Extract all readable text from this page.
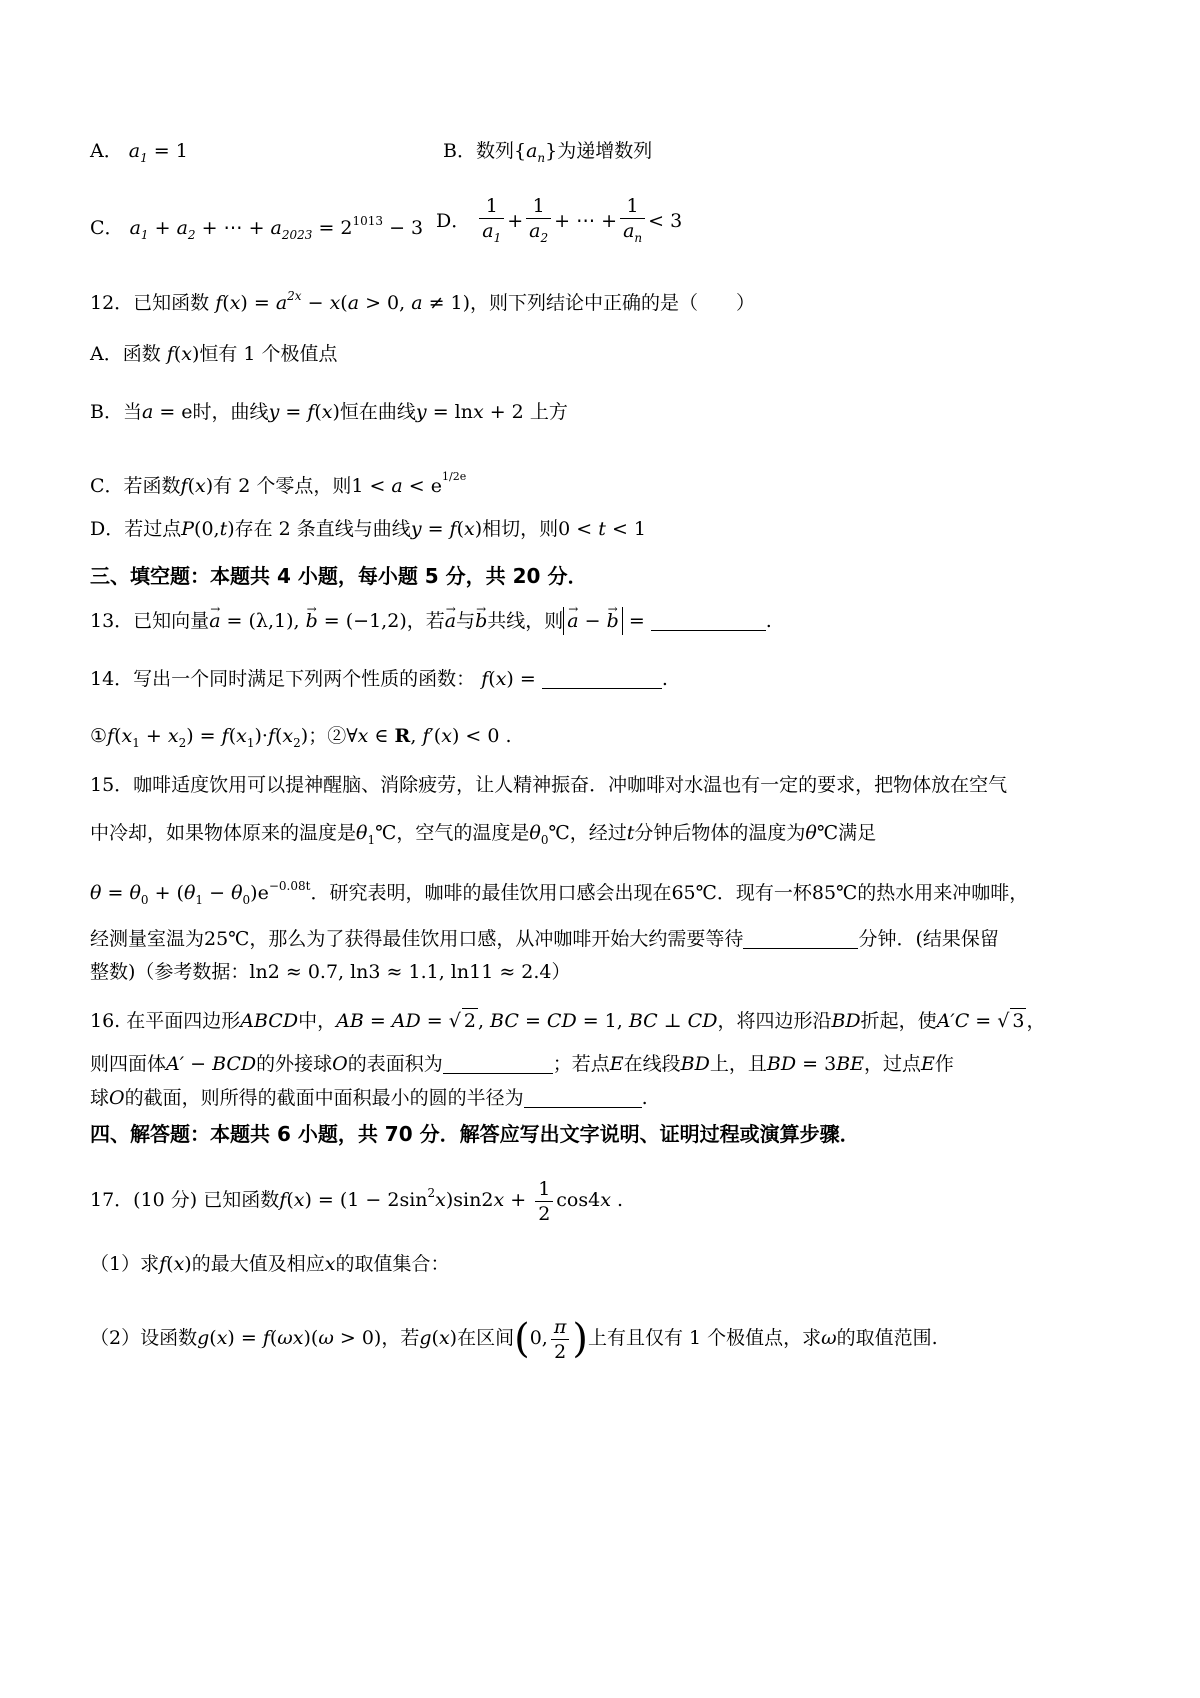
A． $a_1 = 1$	B．数列$\{a_n\}$为递增数列
C． $a_1 + a_2$ + ⋯ + $a_{2023} = 2^{1013} - 3$ D． $\frac{1}{a_1} + \frac{1}{a_2}$ + ⋯ + $\frac{1}{a_n} < 3$
12．已知函数 $f(x) = a^{2x} - x(a > 0$, a ≠ 1)，则下列结论中正确的是（　　）
A．函数 f(x)恒有 1 个极值点
B．当a = e时，曲线y = f(x)恒在曲线y = lnx + 2 上方
C．若函数f(x)有 2 个零点，则$1 < a < e^{1/2e}$
D．若过点P(0,t)存在 2 条直线与曲线y = f(x)相切，则0 < t < 1
三、填空题：本题共 4 小题，每小题 5 分，共 20 分．
13．已知向量→ a = (λ,1), → b = (−1,2)，若→ a与→ b共线，则→ a − → b =	.
14．写出一个同时满足下列两个性质的函数： f(x) =	.
$①f(x_1 + x_2) = f(x_1)\cdot f(x_2)$；②∀x ∈ R, f′(x) < 0 .
15．咖啡适度饮用可以提神醒脑、消除疲劳，让人精神振奋．冲咖啡对水温也有一定的要求，把物体放在空气
中冷却，如果物体原来的温度是$\theta_1℃$，空气的温度是$\theta_0℃$，经过t分钟后物体的温度为θ℃满足
$\theta = \theta_0 + (\theta_1 - \theta_0)e^{-0.08t}$．研究表明，咖啡的最佳饮用口感会出现在65℃．现有一杯85℃的热水用来冲咖啡，
经测量室温为25℃，那么为了获得最佳饮用口感，从冲咖啡开始大约需要等待	分钟．(结果保留
整数)（参考数据：ln2 ≈ 0.7, ln3 ≈ 1.1, ln11 ≈ 2.4）
16. 在平面四边形ABCD中，AB = AD = √ 2 , BC = CD = 1, BC ⊥ CD，将四边形沿BD折起，使A′C = √ 3 ，
则四面体A′ − BCD的外接球O的表面积为	；若点E在线段BD上，且BD = 3BE，过点E作
球O的截面，则所得的截面中面积最小的圆的半径为	.
四、解答题：本题共 6 小题，共 70 分．解答应写出文字说明、证明过程或演算步骤．
17．(10 分) 已知函数$f(x) = (1 - 2\sin^2x)\sin 2x + \frac{1}{2} \cos 4x$ .
（1）求f(x)的最大值及相应x的取值集合：
（2）设函数g(x) = f(ωx)(ω > 0)，若g(x)在区间(0, $\frac{\pi}{2}$ )上有且仅有 1 个极值点，求ω的取值范围.
